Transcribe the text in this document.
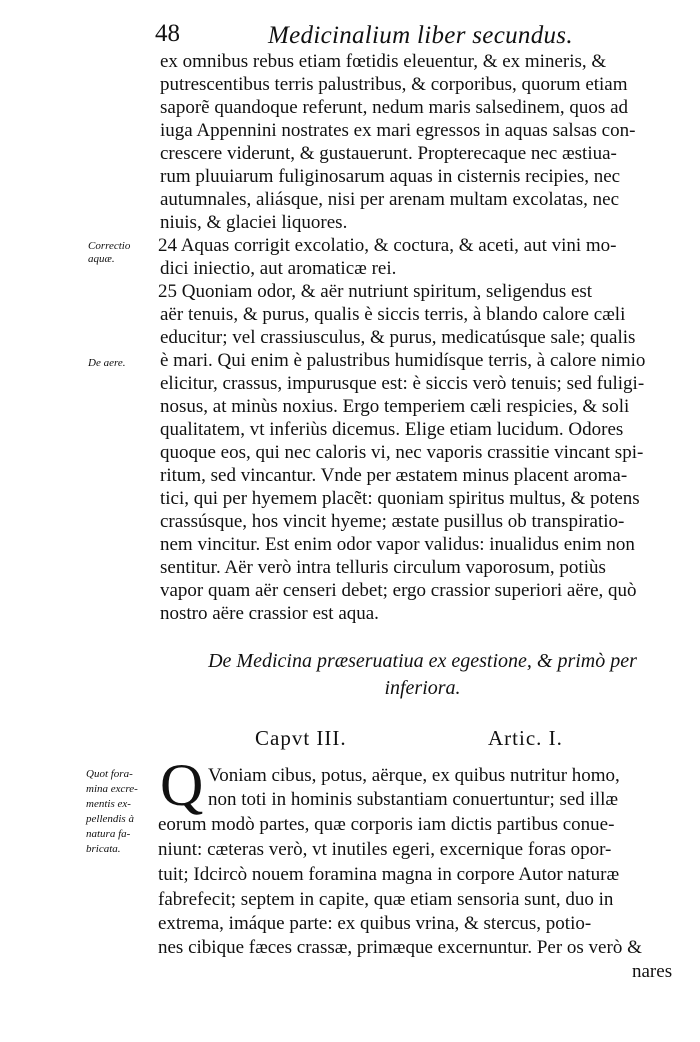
48	Medicinalium liber secundus.
ex omnibus rebus etiam fœtidis eleuentur, & ex mineris, &
putrescentibus terris palustribus, & corporibus, quorum etiam
saporẽ quandoque referunt, nedum maris salsedinem, quos ad
iuga Appennini nostrates ex mari egressos in aquas salsas con-
crescere viderunt, & gustauerunt. Propterecaque nec æstiua-
rum pluuiarum fuliginosarum aquas in cisternis recipies, nec
autumnales, aliásque, nisi per arenam multam excolatas, nec
niuis, & glaciei liquores.
24 Aquas corrigit excolatio, & coctura, & aceti, aut vini mo-
dici iniectio, aut aromaticæ rei.
25 Quoniam odor, & aër nutriunt spiritum, seligendus est
aër tenuis, & purus, qualis è siccis terris, à blando calore cæli
educitur; vel crassiusculus, & purus, medicatúsque sale; qualis
è mari. Qui enim è palustribus humidísque terris, à calore nimio
elicitur, crassus, impurusque est: è siccis verò tenuis; sed fuligi-
nosus, at minùs noxius. Ergo temperiem cæli respicies, & soli
qualitatem, vt inferiùs dicemus. Elige etiam lucidum. Odores
quoque eos, qui nec caloris vi, nec vaporis crassitie vincant spi-
ritum, sed vincantur. Vnde per æstatem minus placent aroma-
tici, qui per hyemem placẽt: quoniam spiritus multus, & potens
crassúsque, hos vincit hyeme; æstate pusillus ob transpiratio-
nem vincitur. Est enim odor vapor validus: inualidus enim non
sentitur. Aër verò intra telluris circulum vaporosum, potiùs
vapor quam aër censeri debet; ergo crassior superiori aëre, quò
nostro aëre crassior est aqua.
Correctio
aquæ.
De aere.
De Medicina præseruatiua ex egestione, & primò per
inferiora.
Capvt III.	Artic. I.
Quot fora-
mina excre-
mentis ex-
pellendis à
natura fa-
bricata.
Q Voniam cibus, potus, aërque, ex quibus nutritur homo,
non toti in hominis substantiam conuertuntur; sed illæ
eorum modò partes, quæ corporis iam dictis partibus conue-
niunt: cæteras verò, vt inutiles egeri, excernique foras opor-
tuit; Idcircò nouem foramina magna in corpore Autor naturæ
fabrefecit; septem in capite, quæ etiam sensoria sunt, duo in
extrema, imáque parte: ex quibus vrina, & stercus, potio-
nes cibique fæces crassæ, primæque excernuntur. Per os verò &
nares
